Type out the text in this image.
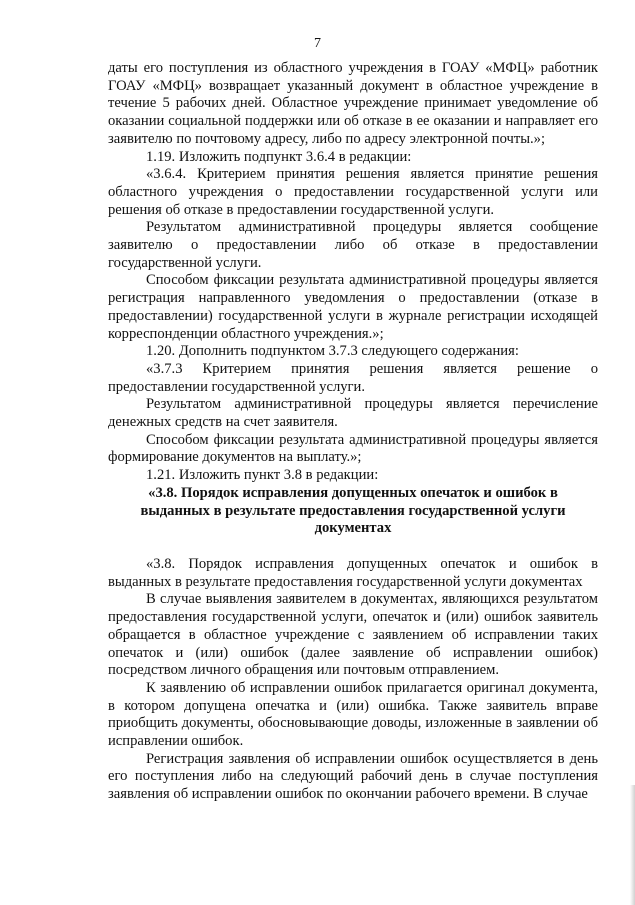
7

даты его поступления из областного учреждения в ГОАУ «МФЦ» работник ГОАУ «МФЦ» возвращает указанный документ в областное учреждение в течение 5 рабочих дней. Областное учреждение принимает уведомление об оказании социальной поддержки или об отказе в ее оказании и направляет его заявителю по почтовому адресу, либо по адресу электронной почты.»;

1.19. Изложить подпункт 3.6.4 в редакции:

«3.6.4. Критерием принятия решения является принятие решения областного учреждения о предоставлении государственной услуги или решения об отказе в предоставлении государственной услуги.

Результатом административной процедуры является сообщение заявителю о предоставлении либо об отказе в предоставлении государственной услуги.

Способом фиксации результата административной процедуры является регистрация направленного уведомления о предоставлении (отказе в предоставлении) государственной услуги в журнале регистрации исходящей корреспонденции областного учреждения.»;

1.20. Дополнить подпунктом 3.7.3 следующего содержания:

«3.7.3 Критерием принятия решения является решение о предоставлении государственной услуги.

Результатом административной процедуры является перечисление денежных средств на счет заявителя.

Способом фиксации результата административной процедуры является формирование документов на выплату.»;

1.21. Изложить пункт 3.8 в редакции:

«3.8. Порядок исправления допущенных опечаток и ошибок в выданных в результате предоставления государственной услуги документах

«3.8. Порядок исправления допущенных опечаток и ошибок в выданных в результате предоставления государственной услуги документах

В случае выявления заявителем в документах, являющихся результатом предоставления государственной услуги, опечаток и (или) ошибок заявитель обращается в областное учреждение с заявлением об исправлении таких опечаток и (или) ошибок (далее заявление об исправлении ошибок) посредством личного обращения или почтовым отправлением.

К заявлению об исправлении ошибок прилагается оригинал документа, в котором допущена опечатка и (или) ошибка. Также заявитель вправе приобщить документы, обосновывающие доводы, изложенные в заявлении об исправлении ошибок.

Регистрация заявления об исправлении ошибок осуществляется в день его поступления либо на следующий рабочий день в случае поступления заявления об исправлении ошибок по окончании рабочего времени. В случае
